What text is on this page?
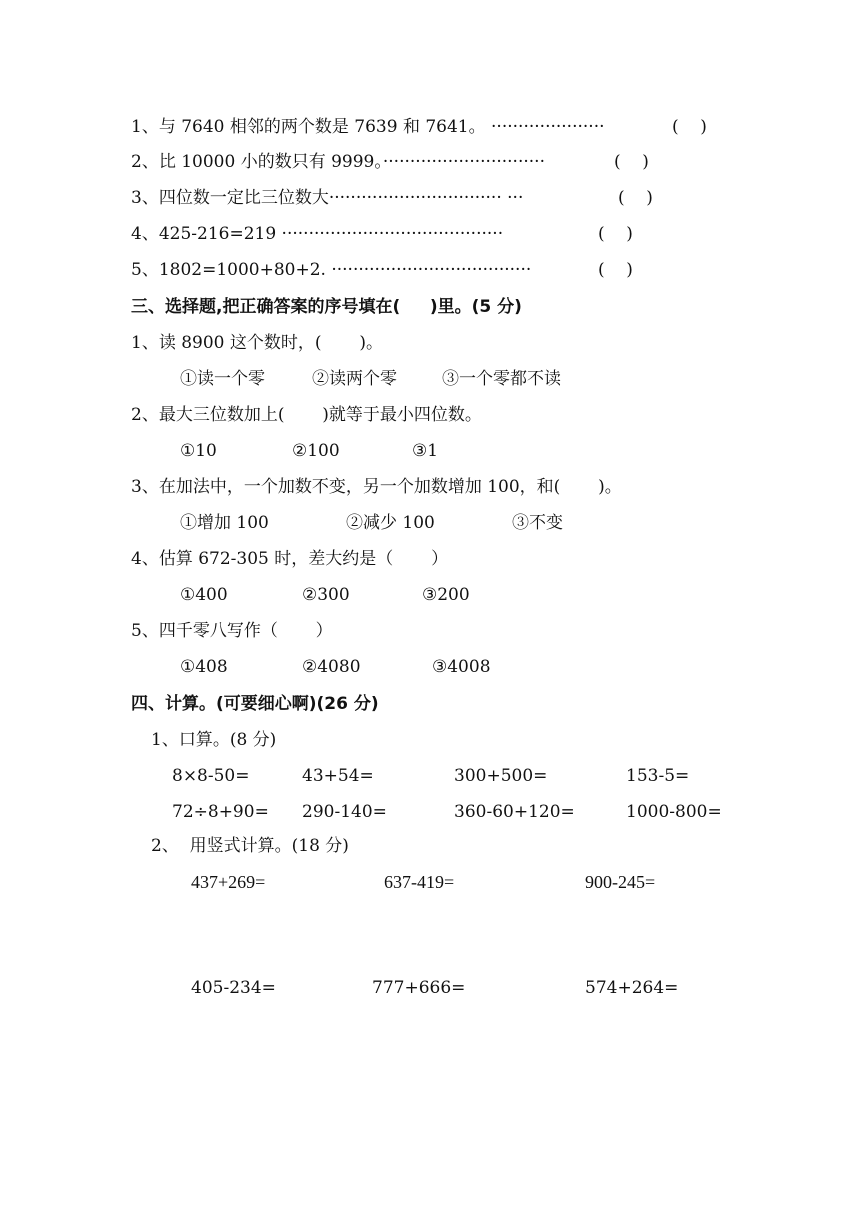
1、与 7640 相邻的两个数是 7639 和 7641。 ·····················	(    )
2、比 10000 小的数只有 9999。······························	(    )
3、四位数一定比三位数大································ ···	(    )
4、425-216=219 ·········································	(    )
5、1802=1000+80+2. ·····································	(    )
三、选择题,把正确答案的序号填在(     )里。(5 分)
1、读 8900 这个数时，(       )。
①读一个零	②读两个零	③一个零都不读
2、最大三位数加上(       )就等于最小四位数。
①10	②100	③1
3、在加法中，一个加数不变，另一个加数增加 100，和(       )。
①增加 100	②减少 100	③不变
4、估算 672-305 时，差大约是（       ）
①400	②300	③200
5、四千零八写作（       ）
①408	②4080	③4008
四、计算。(可要细心啊)(26 分)
1、口算。(8 分)
8×8-50=	43+54=	300+500=	153-5=
72÷8+90= 290-140=	360-60+120=	1000-800=
2、  用竖式计算。(18 分)
437+269=	637-419=	900-245=
405-234=	777+666=	574+264=
